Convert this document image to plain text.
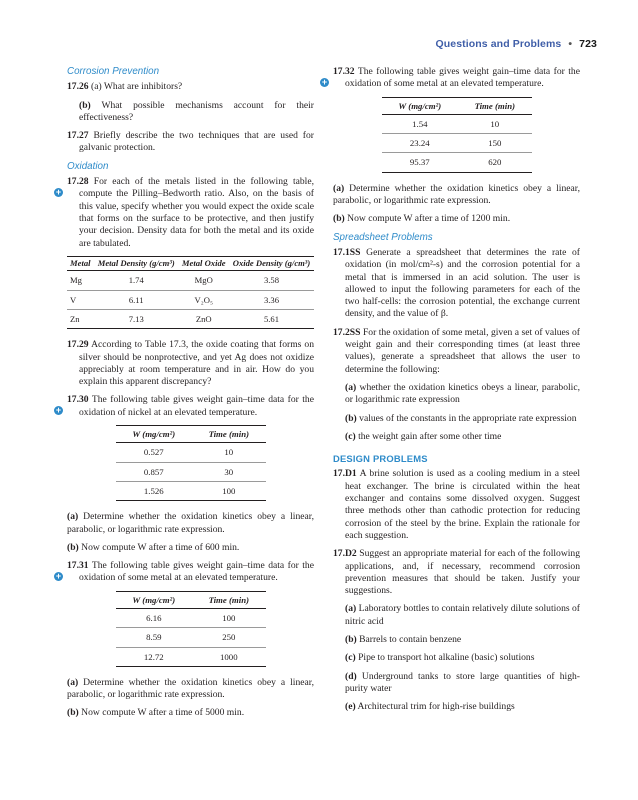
Questions and Problems • 723
Corrosion Prevention
17.26 (a) What are inhibitors?
(b) What possible mechanisms account for their effectiveness?
17.27 Briefly describe the two techniques that are used for galvanic protection.
Oxidation
+
17.28 For each of the metals listed in the following table, compute the Pilling–Bedworth ratio. Also, on the basis of this value, specify whether you would expect the oxide scale that forms on the surface to be protective, and then justify your decision. Density data for both the metal and its oxide are tabulated.
Metal	Metal Density (g/cm³)	Metal Oxide	Oxide Density (g/cm³)
Mg	1.74	MgO	3.58
V	6.11	V₂O₅	3.36
Zn	7.13	ZnO	5.61
17.29 According to Table 17.3, the oxide coating that forms on silver should be nonprotective, and yet Ag does not oxidize appreciably at room temperature and in air. How do you explain this apparent discrepancy?
+
17.30 The following table gives weight gain–time data for the oxidation of nickel at an elevated temperature.
W (mg/cm²)	Time (min)
0.527	10
0.857	30
1.526	100
(a) Determine whether the oxidation kinetics obey a linear, parabolic, or logarithmic rate expression.
(b) Now compute W after a time of 600 min.
+
17.31 The following table gives weight gain–time data for the oxidation of some metal at an elevated temperature.
W (mg/cm²)	Time (min)
6.16	100
8.59	250
12.72	1000
(a) Determine whether the oxidation kinetics obey a linear, parabolic, or logarithmic rate expression.
(b) Now compute W after a time of 5000 min.
+
17.32 The following table gives weight gain–time data for the oxidation of some metal at an elevated temperature.
W (mg/cm²)	Time (min)
1.54	10
23.24	150
95.37	620
(a) Determine whether the oxidation kinetics obey a linear, parabolic, or logarithmic rate expression.
(b) Now compute W after a time of 1200 min.
Spreadsheet Problems
17.1SS Generate a spreadsheet that determines the rate of oxidation (in mol/cm²-s) and the corrosion potential for a metal that is immersed in an acid solution. The user is allowed to input the following parameters for each of the two half-cells: the corrosion potential, the exchange current density, and the value of β.
17.2SS For the oxidation of some metal, given a set of values of weight gain and their corresponding times (at least three values), generate a spreadsheet that allows the user to determine the following:
(a) whether the oxidation kinetics obeys a linear, parabolic, or logarithmic rate expression
(b) values of the constants in the appropriate rate expression
(c) the weight gain after some other time
DESIGN PROBLEMS
17.D1 A brine solution is used as a cooling medium in a steel heat exchanger. The brine is circulated within the heat exchanger and contains some dissolved oxygen. Suggest three methods other than cathodic protection for reducing corrosion of the steel by the brine. Explain the rationale for each suggestion.
17.D2 Suggest an appropriate material for each of the following applications, and, if necessary, recommend corrosion prevention measures that should be taken. Justify your suggestions.
(a) Laboratory bottles to contain relatively dilute solutions of nitric acid
(b) Barrels to contain benzene
(c) Pipe to transport hot alkaline (basic) solutions
(d) Underground tanks to store large quantities of high-purity water
(e) Architectural trim for high-rise buildings
